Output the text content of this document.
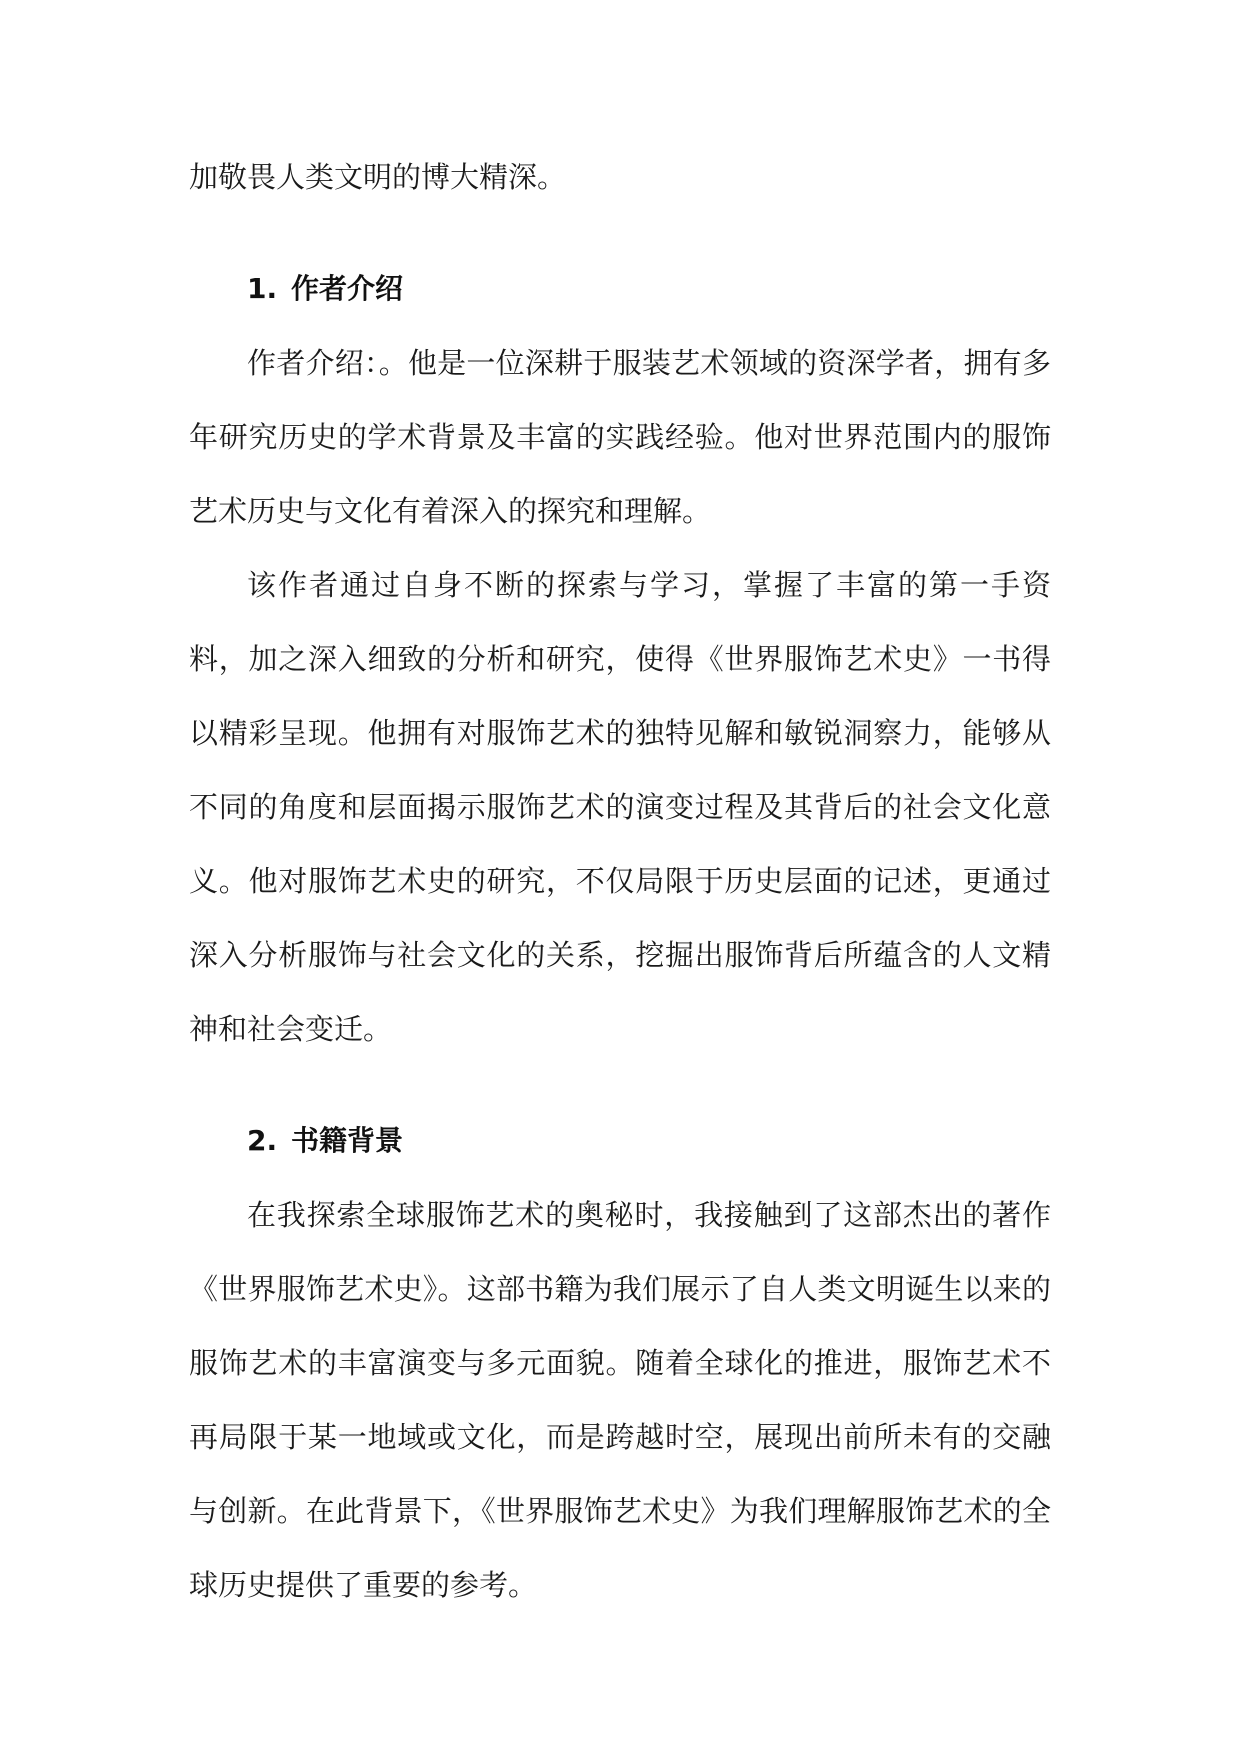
加敬畏人类文明的博大精深。

1. 作者介绍

作者介绍：。他是一位深耕于服装艺术领域的资深学者，拥有多年研究历史的学术背景及丰富的实践经验。他对世界范围内的服饰艺术历史与文化有着深入的探究和理解。

该作者通过自身不断的探索与学习，掌握了丰富的第一手资料，加之深入细致的分析和研究，使得《世界服饰艺术史》一书得以精彩呈现。他拥有对服饰艺术的独特见解和敏锐洞察力，能够从不同的角度和层面揭示服饰艺术的演变过程及其背后的社会文化意义。他对服饰艺术史的研究，不仅局限于历史层面的记述，更通过深入分析服饰与社会文化的关系，挖掘出服饰背后所蕴含的人文精神和社会变迁。

2. 书籍背景

在我探索全球服饰艺术的奥秘时，我接触到了这部杰出的著作《世界服饰艺术史》。这部书籍为我们展示了自人类文明诞生以来的服饰艺术的丰富演变与多元面貌。随着全球化的推进，服饰艺术不再局限于某一地域或文化，而是跨越时空，展现出前所未有的交融与创新。在此背景下，《世界服饰艺术史》为我们理解服饰艺术的全球历史提供了重要的参考。
